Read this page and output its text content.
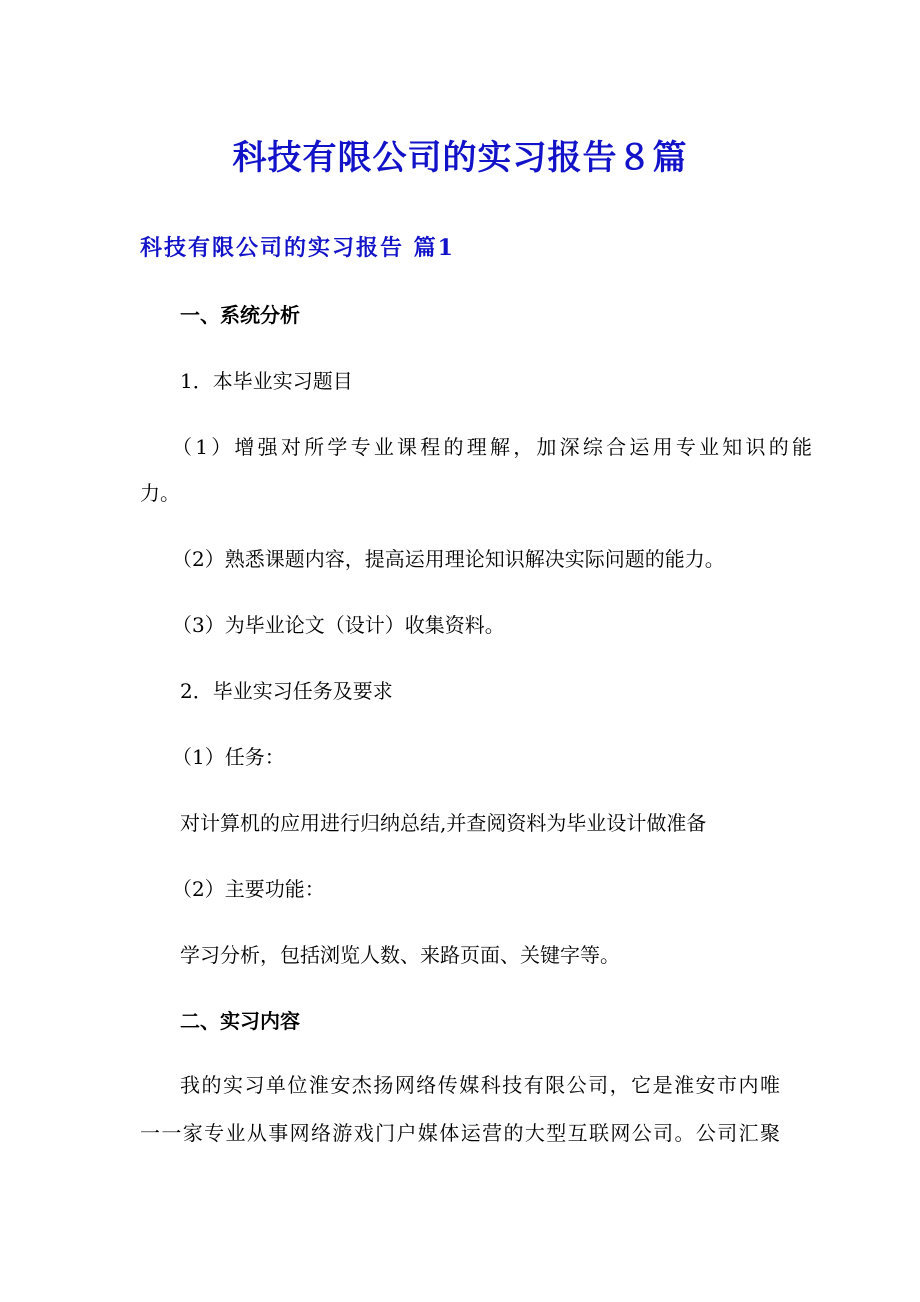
科技有限公司的实习报告８篇
科技有限公司的实习报告 篇1
一、系统分析
1．本毕业实习题目
（1）增强对所学专业课程的理解，加深综合运用专业知识的能
力。
（2）熟悉课题内容，提高运用理论知识解决实际问题的能力。
（3）为毕业论文（设计）收集资料。
2．毕业实习任务及要求
（1）任务：
对计算机的应用进行归纳总结,并查阅资料为毕业设计做准备
（2）主要功能：
学习分析，包括浏览人数、来路页面、关键字等。
二、实习内容
我的实习单位淮安杰扬网络传媒科技有限公司，它是淮安市内唯
一一家专业从事网络游戏门户媒体运营的大型互联网公司。公司汇聚
